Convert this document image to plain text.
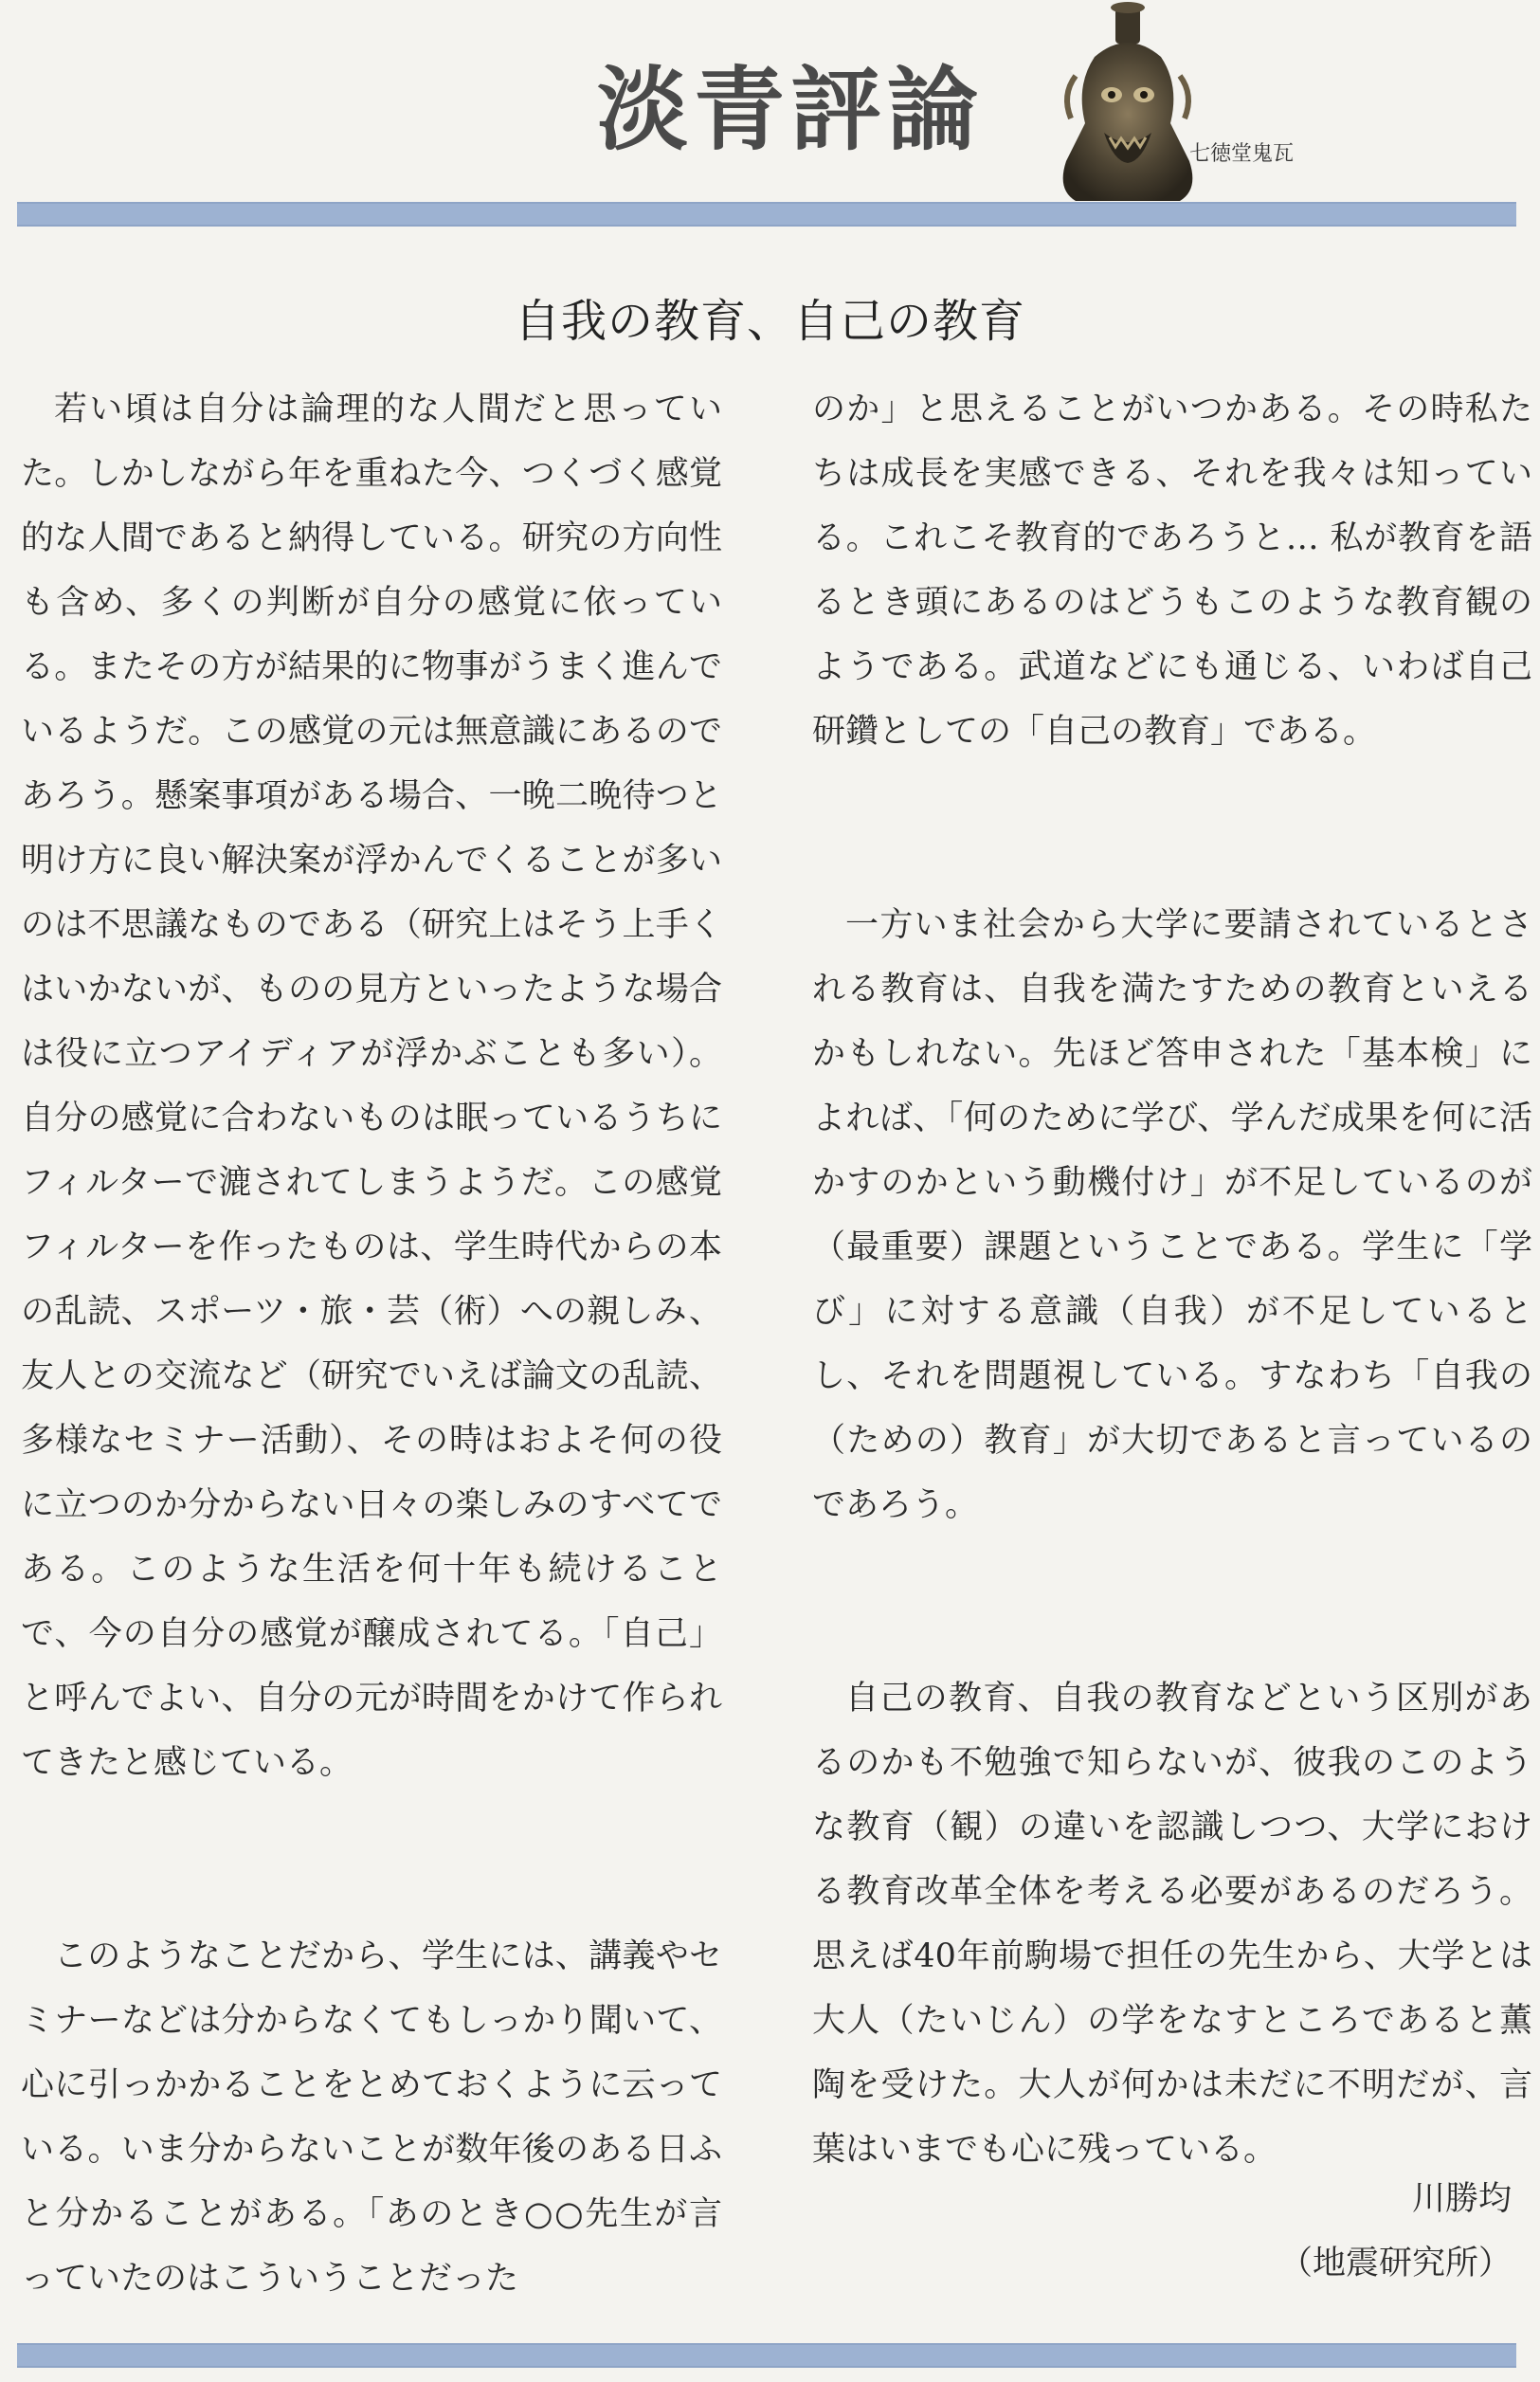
淡青評論	七徳堂鬼瓦
自我の教育、自己の教育

若い頃は自分は論理的な人間だと思っていた。しかしながら年を重ねた今、つくづく感覚的な人間であると納得している。研究の方向性も含め、多くの判断が自分の感覚に依っている。またその方が結果的に物事がうまく進んでいるようだ。この感覚の元は無意識にあるのであろう。懸案事項がある場合、一晩二晩待つと明け方に良い解決案が浮かんでくることが多いのは不思議なものである（研究上はそう上手くはいかないが、ものの見方といったような場合は役に立つアイディアが浮かぶことも多い）。自分の感覚に合わないものは眠っているうちにフィルターで漉されてしまうようだ。この感覚フィルターを作ったものは、学生時代からの本の乱読、スポーツ・旅・芸（術）への親しみ、友人との交流など（研究でいえば論文の乱読、多様なセミナー活動）、その時はおよそ何の役に立つのか分からない日々の楽しみのすべてである。このような生活を何十年も続けることで、今の自分の感覚が醸成されてる。「自己」と呼んでよい、自分の元が時間をかけて作られてきたと感じている。

このようなことだから、学生には、講義やセミナーなどは分からなくてもしっかり聞いて、心に引っかかることをとめておくように云っている。いま分からないことが数年後のある日ふと分かることがある。「あのとき○○先生が言っていたのはこういうことだった

のか」と思えることがいつかある。その時私たちは成長を実感できる、それを我々は知っている。これこそ教育的であろうと… 私が教育を語るとき頭にあるのはどうもこのような教育観のようである。武道などにも通じる、いわば自己研鑽としての「自己の教育」である。

一方いま社会から大学に要請されているとされる教育は、自我を満たすための教育といえるかもしれない。先ほど答申された「基本検」によれば、「何のために学び、学んだ成果を何に活かすのかという動機付け」が不足しているのが（最重要）課題ということである。学生に「学び」に対する意識（自我）が不足しているとし、それを問題視している。すなわち「自我の（ための）教育」が大切であると言っているのであろう。

自己の教育、自我の教育などという区別があるのかも不勉強で知らないが、彼我のこのような教育（観）の違いを認識しつつ、大学における教育改革全体を考える必要があるのだろう。思えば40年前駒場で担任の先生から、大学とは大人（たいじん）の学をなすところであると薫陶を受けた。大人が何かは未だに不明だが、言葉はいまでも心に残っている。

川勝均
（地震研究所）
